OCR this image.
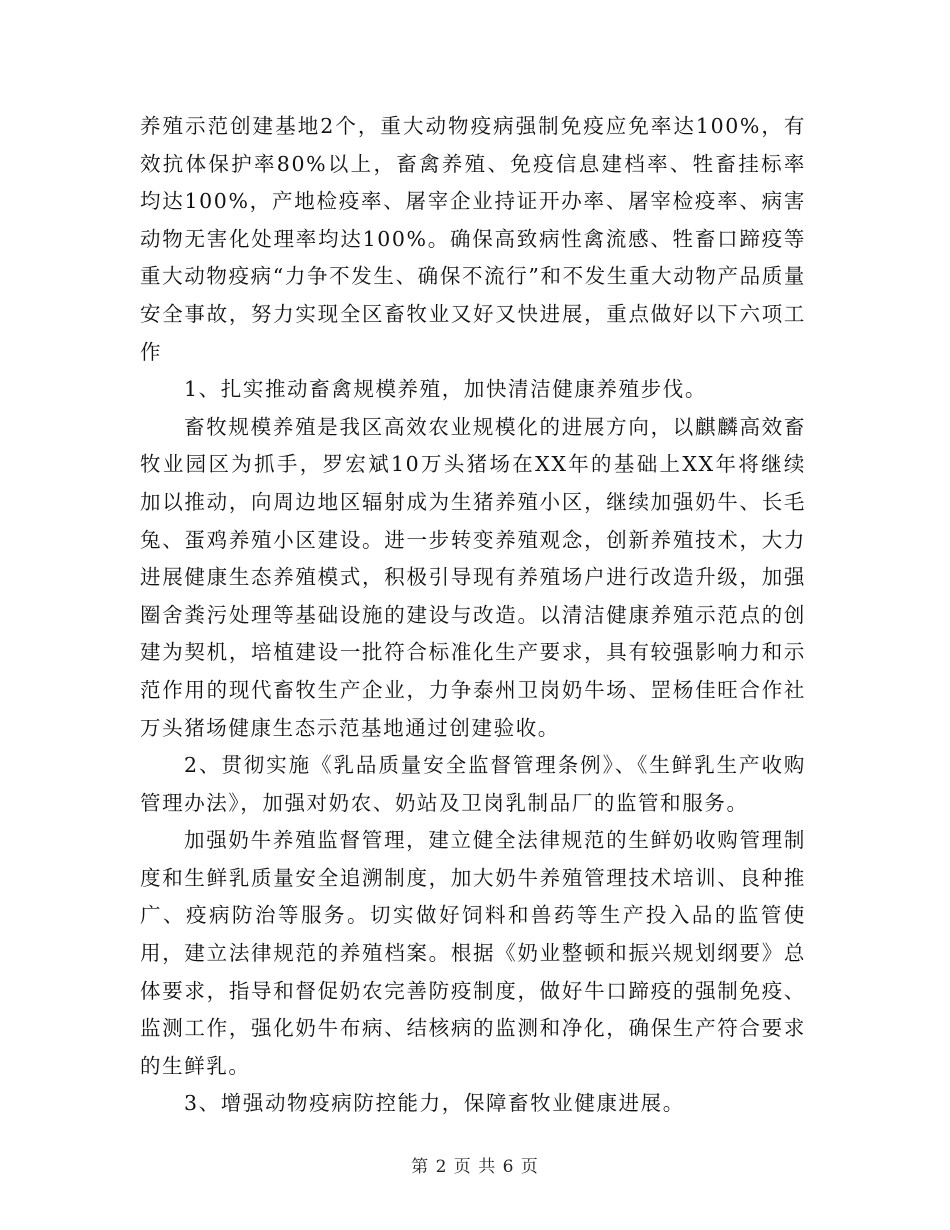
养殖示范创建基地2个，重大动物疫病强制免疫应免率达100%，有效抗体保护率80%以上，畜禽养殖、免疫信息建档率、牲畜挂标率均达100%，产地检疫率、屠宰企业持证开办率、屠宰检疫率、病害动物无害化处理率均达100%。确保高致病性禽流感、牲畜口蹄疫等重大动物疫病“力争不发生、确保不流行”和不发生重大动物产品质量安全事故，努力实现全区畜牧业又好又快进展，重点做好以下六项工作

1、扎实推动畜禽规模养殖，加快清洁健康养殖步伐。

畜牧规模养殖是我区高效农业规模化的进展方向，以麒麟高效畜牧业园区为抓手，罗宏斌10万头猪场在XX年的基础上XX年将继续加以推动，向周边地区辐射成为生猪养殖小区，继续加强奶牛、长毛兔、蛋鸡养殖小区建设。进一步转变养殖观念，创新养殖技术，大力进展健康生态养殖模式，积极引导现有养殖场户进行改造升级，加强圈舍粪污处理等基础设施的建设与改造。以清洁健康养殖示范点的创建为契机，培植建设一批符合标准化生产要求，具有较强影响力和示范作用的现代畜牧生产企业，力争泰州卫岗奶牛场、罡杨佳旺合作社万头猪场健康生态示范基地通过创建验收。

2、贯彻实施《乳品质量安全监督管理条例》、《生鲜乳生产收购管理办法》，加强对奶农、奶站及卫岗乳制品厂的监管和服务。

加强奶牛养殖监督管理，建立健全法律规范的生鲜奶收购管理制度和生鲜乳质量安全追溯制度，加大奶牛养殖管理技术培训、良种推广、疫病防治等服务。切实做好饲料和兽药等生产投入品的监管使用，建立法律规范的养殖档案。根据《奶业整顿和振兴规划纲要》总体要求，指导和督促奶农完善防疫制度，做好牛口蹄疫的强制免疫、监测工作，强化奶牛布病、结核病的监测和净化，确保生产符合要求的生鲜乳。

3、增强动物疫病防控能力，保障畜牧业健康进展。

第 2 页 共 6 页
